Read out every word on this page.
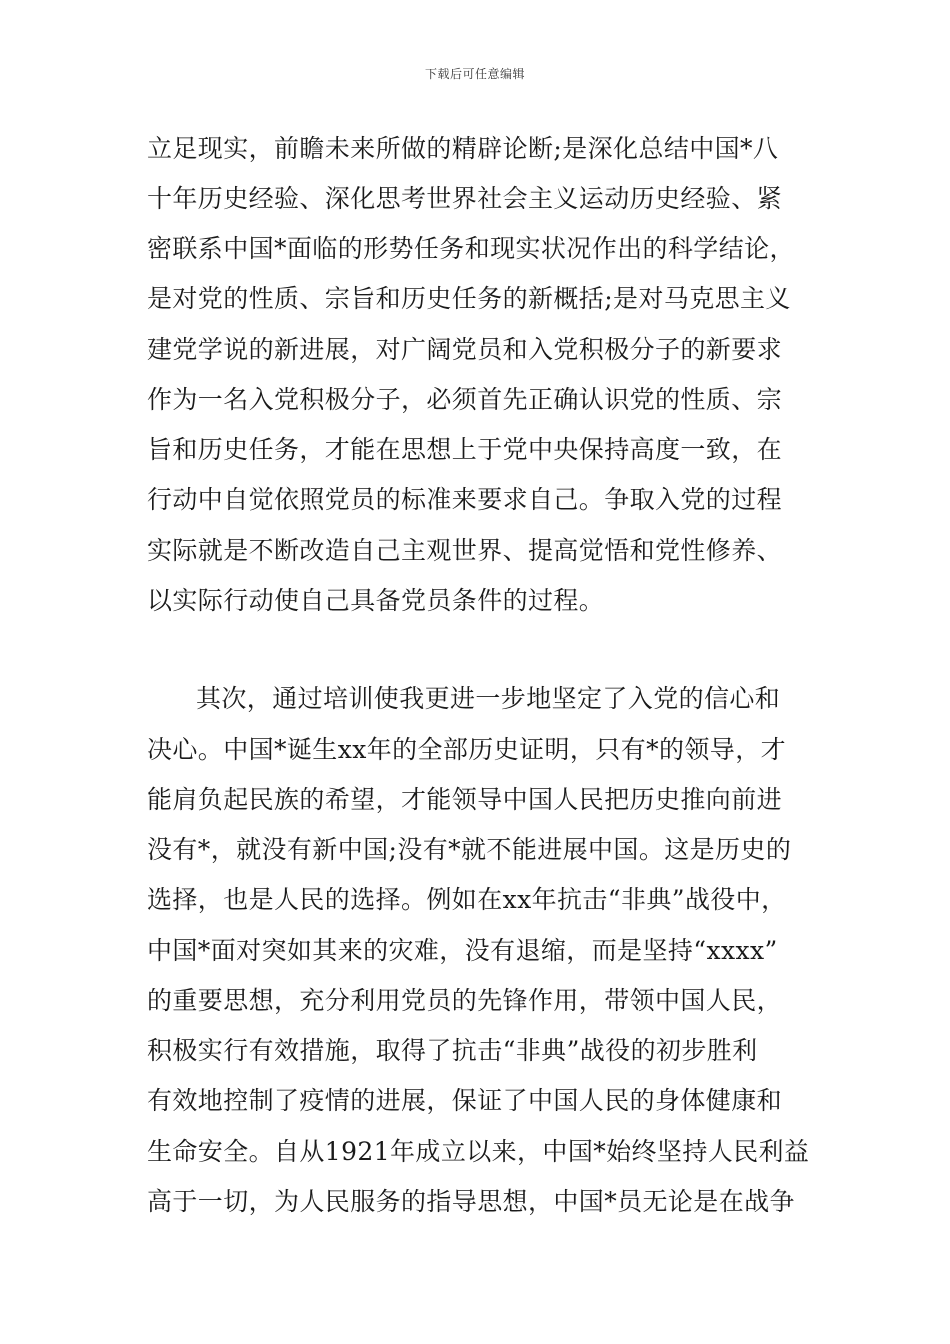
下载后可任意编辑
立足现实，前瞻未来所做的精辟论断;是深化总结中国*八
十年历史经验、深化思考世界社会主义运动历史经验、紧
密联系中国*面临的形势任务和现实状况作出的科学结论，
是对党的性质、宗旨和历史任务的新概括;是对马克思主义
建党学说的新进展，对广阔党员和入党积极分子的新要求
作为一名入党积极分子，必须首先正确认识党的性质、宗
旨和历史任务，才能在思想上于党中央保持高度一致，在
行动中自觉依照党员的标准来要求自己。争取入党的过程
实际就是不断改造自己主观世界、提高觉悟和党性修养、
以实际行动使自己具备党员条件的过程。
其次，通过培训使我更进一步地坚定了入党的信心和
决心。中国*诞生xx年的全部历史证明，只有*的领导，才
能肩负起民族的希望，才能领导中国人民把历史推向前进
没有*，就没有新中国;没有*就不能进展中国。这是历史的
选择，也是人民的选择。例如在xx年抗击“非典”战役中，
中国*面对突如其来的灾难，没有退缩，而是坚持“xxxx”
的重要思想，充分利用党员的先锋作用，带领中国人民，
积极实行有效措施，取得了抗击“非典”战役的初步胜利
有效地控制了疫情的进展，保证了中国人民的身体健康和
生命安全。自从1921年成立以来，中国*始终坚持人民利益
高于一切，为人民服务的指导思想，中国*员无论是在战争
